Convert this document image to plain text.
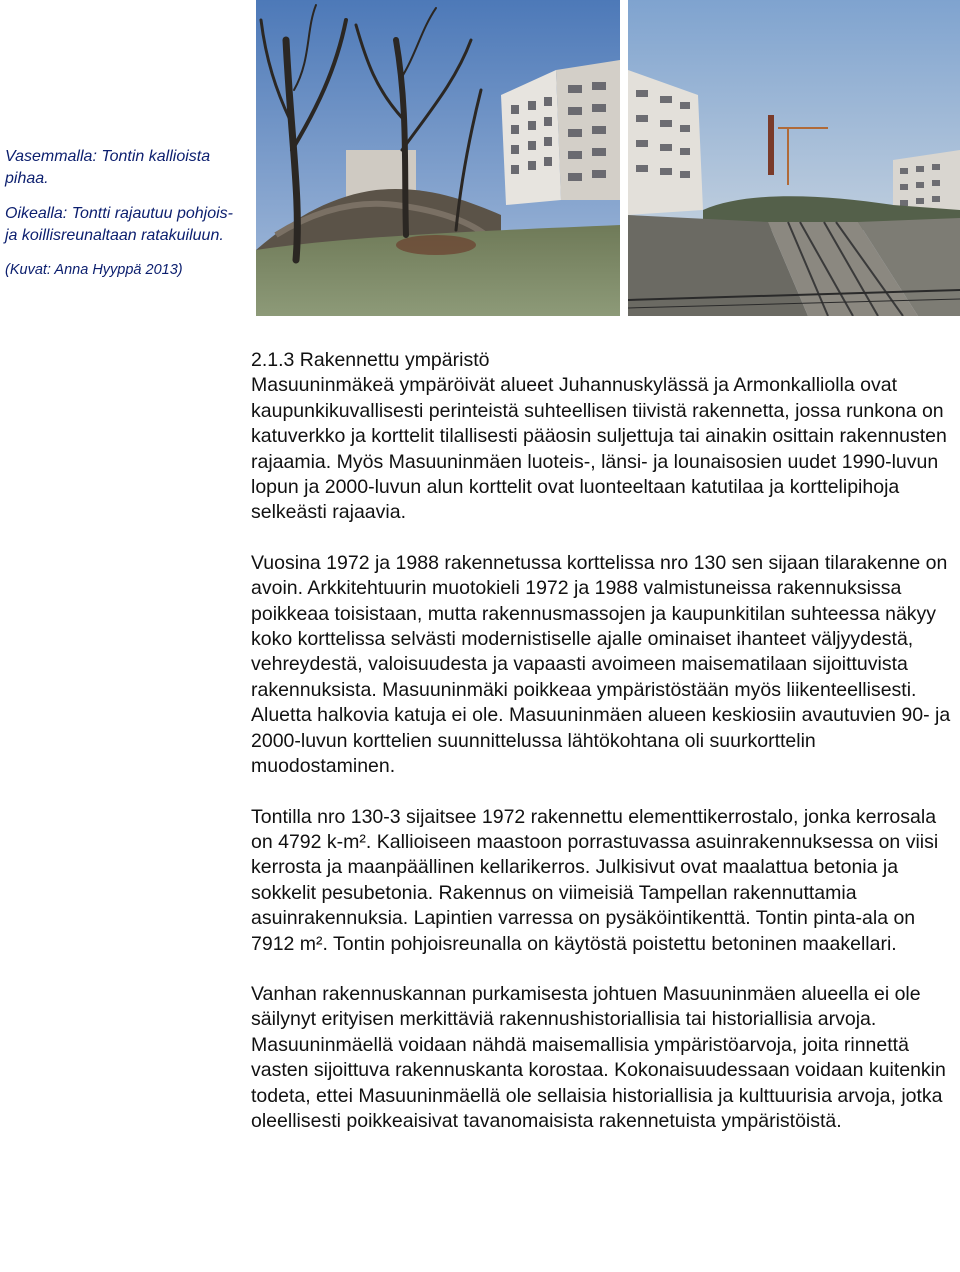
Vasemmalla: Tontin kallioista pihaa.

Oikealla: Tontti rajautuu pohjois- ja koillisreunaltaan ratakuiluun.

(Kuvat: Anna Hyyppä 2013)

2.1.3 Rakennettu ympäristö

Masuuninmäkeä ympäröivät alueet Juhannuskylässä ja Armonkalliolla ovat kaupunkikuvallisesti perinteistä suhteellisen tiivistä rakennetta, jossa runkona on katuverkko ja korttelit tilallisesti pääosin suljettuja tai ainakin osittain rakennusten rajaamia. Myös Masuuninmäen luoteis-, länsi- ja lounaisosien uudet 1990-luvun lopun ja 2000-luvun alun korttelit ovat luonteeltaan katutilaa ja korttelipihoja selkeästi rajaavia.

Vuosina 1972 ja 1988 rakennetussa korttelissa nro 130 sen sijaan tilarakenne on avoin. Arkkitehtuurin muotokieli 1972 ja 1988 valmistuneissa rakennuksissa poikkeaa toisistaan, mutta rakennusmassojen ja kaupunkitilan suhteessa näkyy koko korttelissa selvästi modernistiselle ajalle ominaiset ihanteet väljyydestä, vehreydestä, valoisuudesta ja vapaasti avoimeen maisematilaan sijoittuvista rakennuksista. Masuuninmäki poikkeaa ympäristöstään myös liikenteellisesti. Aluetta halkovia katuja ei ole. Masuuninmäen alueen keskiosiin avautuvien 90- ja 2000-luvun korttelien suunnittelussa lähtökohtana oli suurkorttelin muodostaminen.

Tontilla nro 130-3 sijaitsee 1972 rakennettu elementtikerrostalo, jonka kerrosala on 4792 k-m². Kallioiseen maastoon porrastuvassa asuinrakennuksessa on viisi kerrosta ja maanpäällinen kellarikerros. Julkisivut ovat maalattua betonia ja sokkelit pesubetonia. Rakennus on viimeisiä Tampellan rakennuttamia asuinrakennuksia. Lapintien varressa on pysäköintikenttä. Tontin pinta-ala on 7912 m². Tontin pohjoisreunalla on käytöstä poistettu betoninen maakellari.

Vanhan rakennuskannan purkamisesta johtuen Masuuninmäen alueella ei ole säilynyt erityisen merkittäviä rakennushistoriallisia tai historiallisia arvoja. Masuuninmäellä voidaan nähdä maisemallisia ympäristöarvoja, joita rinnettä vasten sijoittuva rakennuskanta korostaa. Kokonaisuudessaan voidaan kuitenkin todeta, ettei Masuuninmäellä ole sellaisia historiallisia ja kulttuurisia arvoja, jotka oleellisesti poikkeaisivat tavanomaisista rakennetuista ympäristöistä.
